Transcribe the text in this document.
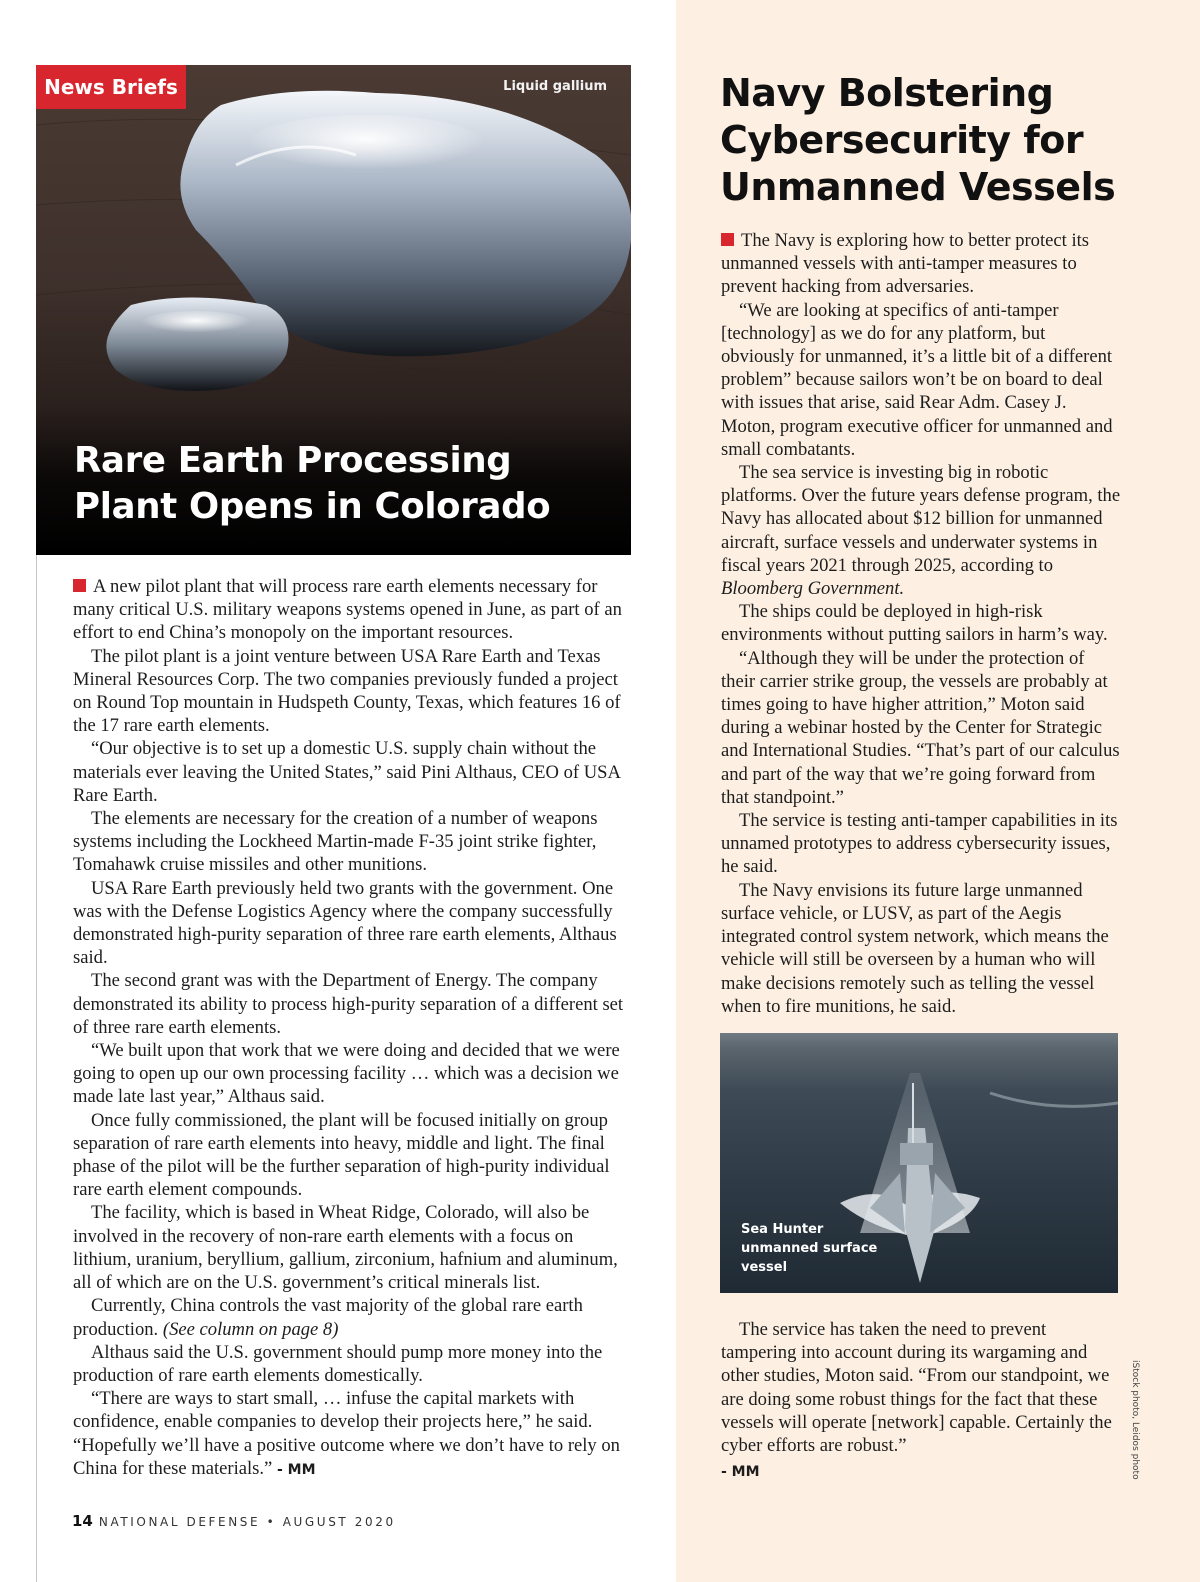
News Briefs	Liquid gallium
Rare Earth Processing Plant Opens in Colorado

A new pilot plant that will process rare earth elements necessary for many critical U.S. military weapons systems opened in June, as part of an effort to end China’s monopoly on the important resources.

The pilot plant is a joint venture between USA Rare Earth and Texas Mineral Resources Corp. The two companies previously funded a project on Round Top mountain in Hudspeth County, Texas, which features 16 of the 17 rare earth elements.

“Our objective is to set up a domestic U.S. supply chain without the materials ever leaving the United States,” said Pini Althaus, CEO of USA Rare Earth.

The elements are necessary for the creation of a number of weapons systems including the Lockheed Martin-made F-35 joint strike fighter, Tomahawk cruise missiles and other munitions.

USA Rare Earth previously held two grants with the government. One was with the Defense Logistics Agency where the company successfully demonstrated high-purity separation of three rare earth elements, Althaus said.

The second grant was with the Department of Energy. The company demonstrated its ability to process high-purity separation of a different set of three rare earth elements.

“We built upon that work that we were doing and decided that we were going to open up our own processing facility … which was a decision we made late last year,” Althaus said.

Once fully commissioned, the plant will be focused initially on group separation of rare earth elements into heavy, middle and light. The final phase of the pilot will be the further separation of high-purity individual rare earth element compounds.

The facility, which is based in Wheat Ridge, Colorado, will also be involved in the recovery of non-rare earth elements with a focus on lithium, uranium, beryllium, gallium, zirconium, hafnium and aluminum, all of which are on the U.S. government’s critical minerals list.

Currently, China controls the vast majority of the global rare earth production. (See column on page 8)

Althaus said the U.S. government should pump more money into the production of rare earth elements domestically.

“There are ways to start small, … infuse the capital markets with confidence, enable companies to develop their projects here,” he said. “Hopefully we’ll have a positive outcome where we don’t have to rely on China for these materials.” - MM

Navy Bolstering Cybersecurity for Unmanned Vessels

The Navy is exploring how to better protect its unmanned vessels with anti-tamper measures to prevent hacking from adversaries.

“We are looking at specifics of anti-tamper [technology] as we do for any platform, but obviously for unmanned, it’s a little bit of a different problem” because sailors won’t be on board to deal with issues that arise, said Rear Adm. Casey J. Moton, program executive officer for unmanned and small combatants.

The sea service is investing big in robotic platforms. Over the future years defense program, the Navy has allocated about $12 billion for unmanned aircraft, surface vessels and underwater systems in fiscal years 2021 through 2025, according to Bloomberg Government.

The ships could be deployed in high-risk environments without putting sailors in harm’s way.

“Although they will be under the protection of their carrier strike group, the vessels are probably at times going to have higher attrition,” Moton said during a webinar hosted by the Center for Strategic and International Studies. “That’s part of our calculus and part of the way that we’re going forward from that standpoint.”

The service is testing anti-tamper capabilities in its unnamed prototypes to address cybersecurity issues, he said.

The Navy envisions its future large unmanned surface vehicle, or LUSV, as part of the Aegis integrated control system network, which means the vehicle will still be overseen by a human who will make decisions remotely such as telling the vessel when to fire munitions, he said.

Sea Hunter unmanned surface vessel

The service has taken the need to prevent tampering into account during its wargaming and other studies, Moton said. “From our standpoint, we are doing some robust things for the fact that these vessels will operate [network] capable. Certainly the cyber efforts are robust.”

- MM	iStock photo, Leidos photo
14 NATIONAL DEFENSE • AUGUST 2020
